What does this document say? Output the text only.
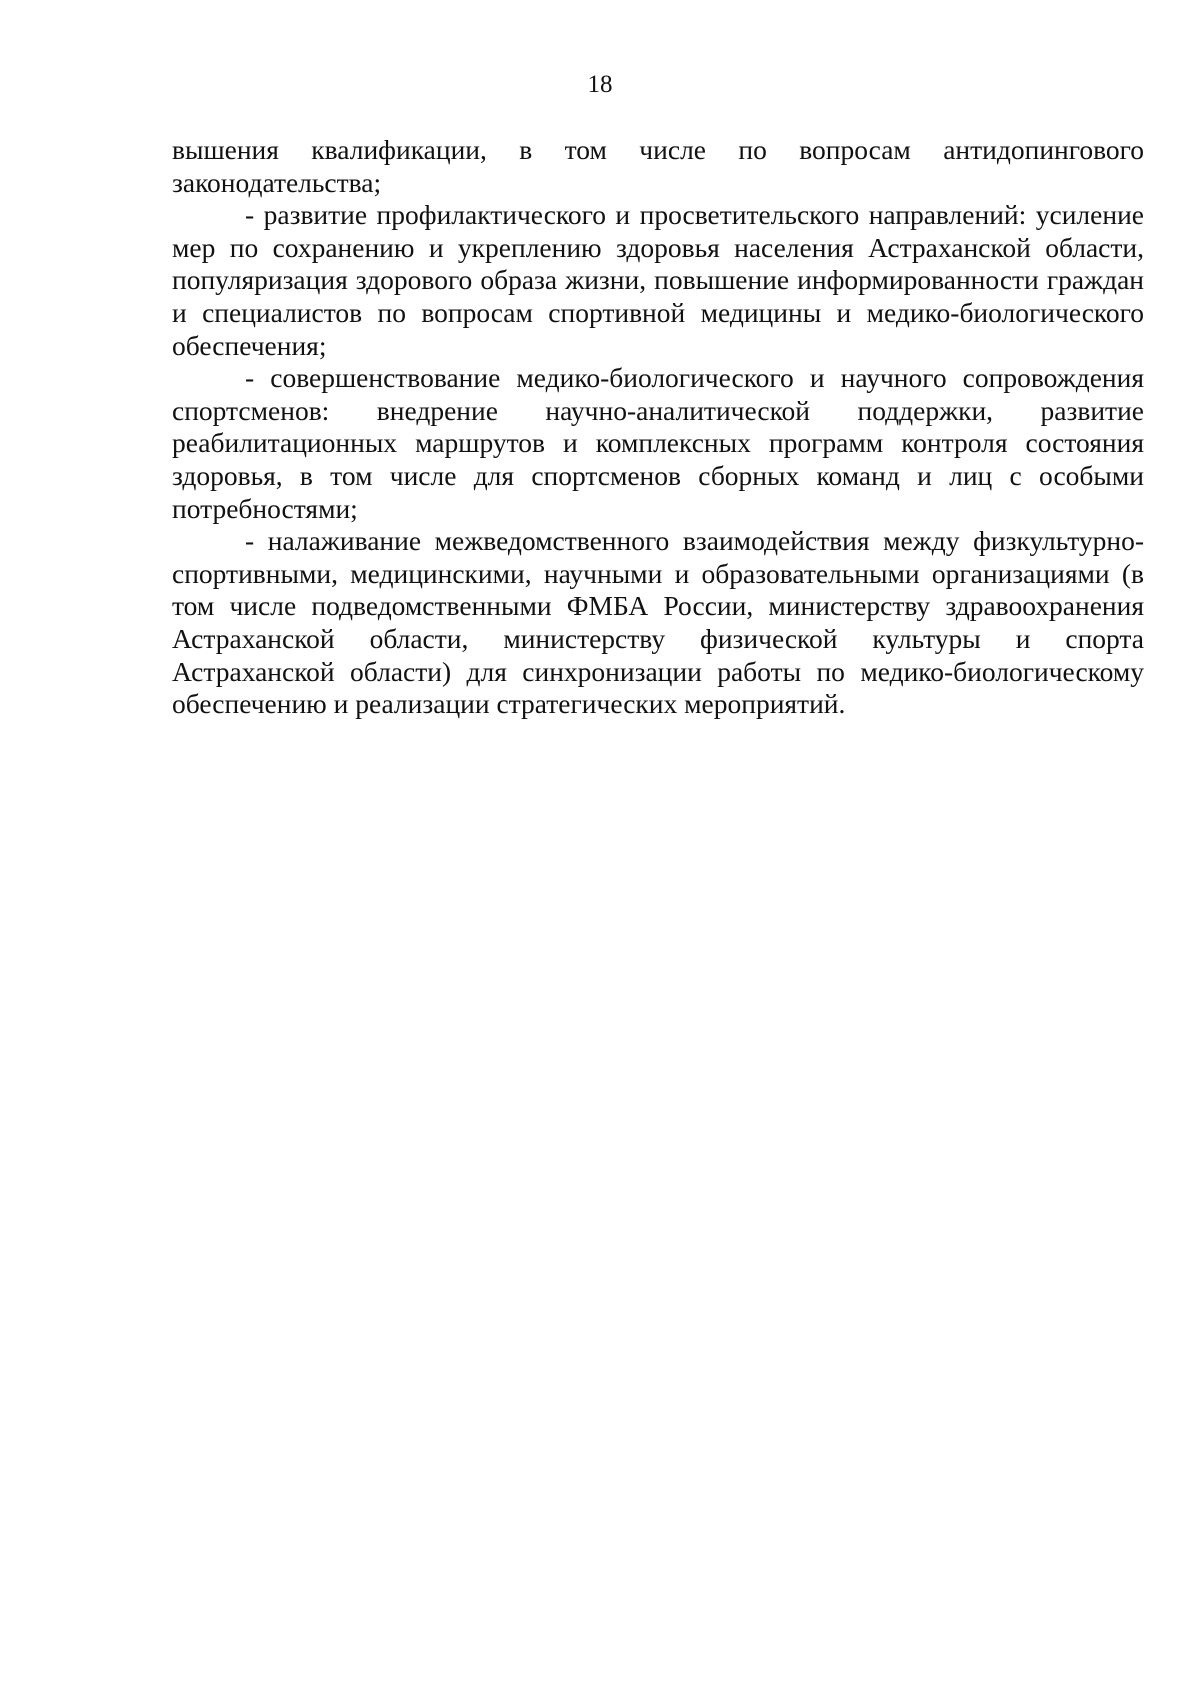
18

вышения квалификации, в том числе по вопросам антидопингового законодательства;

- развитие профилактического и просветительского направлений: усиление мер по сохранению и укреплению здоровья населения Астраханской области, популяризация здорового образа жизни, повышение информированности граждан и специалистов по вопросам спортивной медицины и медико-биологического обеспечения;

- совершенствование медико-биологического и научного сопровождения спортсменов: внедрение научно-аналитической поддержки, развитие реабилитационных маршрутов и комплексных программ контроля состояния здоровья, в том числе для спортсменов сборных команд и лиц с особыми потребностями;

- налаживание межведомственного взаимодействия между физкультурно-спортивными, медицинскими, научными и образовательными организациями (в том числе подведомственными ФМБА России, министерству здравоохранения Астраханской области, министерству физической культуры и спорта Астраханской области) для синхронизации работы по медико-биологическому обеспечению и реализации стратегических мероприятий.
